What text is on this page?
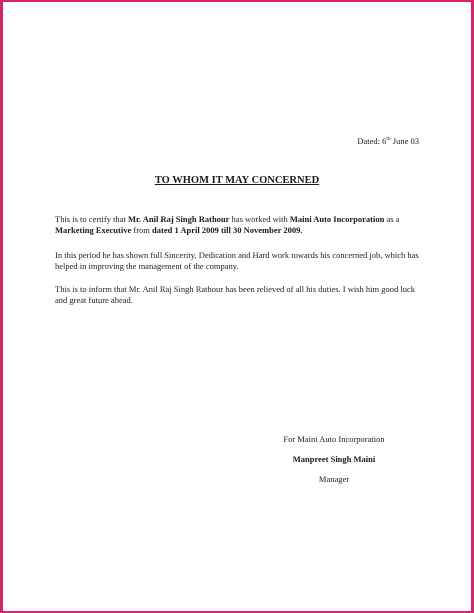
Dated: 6th June 03
TO WHOM IT MAY CONCERNED

This is to certify that Mr. Anil Raj Singh Rathour has worked with Maini Auto Incorporation as a Marketing Executive from dated 1 April 2009 till 30 November 2009.

In this period he has shown full Sincerity, Dedication and Hard work towards his concerned job, which has helped in improving the management of the company.

This is to inform that Mr. Anil Raj Singh Rathour has been relieved of all his duties. I wish him good luck and great future ahead.

For Maini Auto Incorporation
Manpreet Singh Maini
Manager
